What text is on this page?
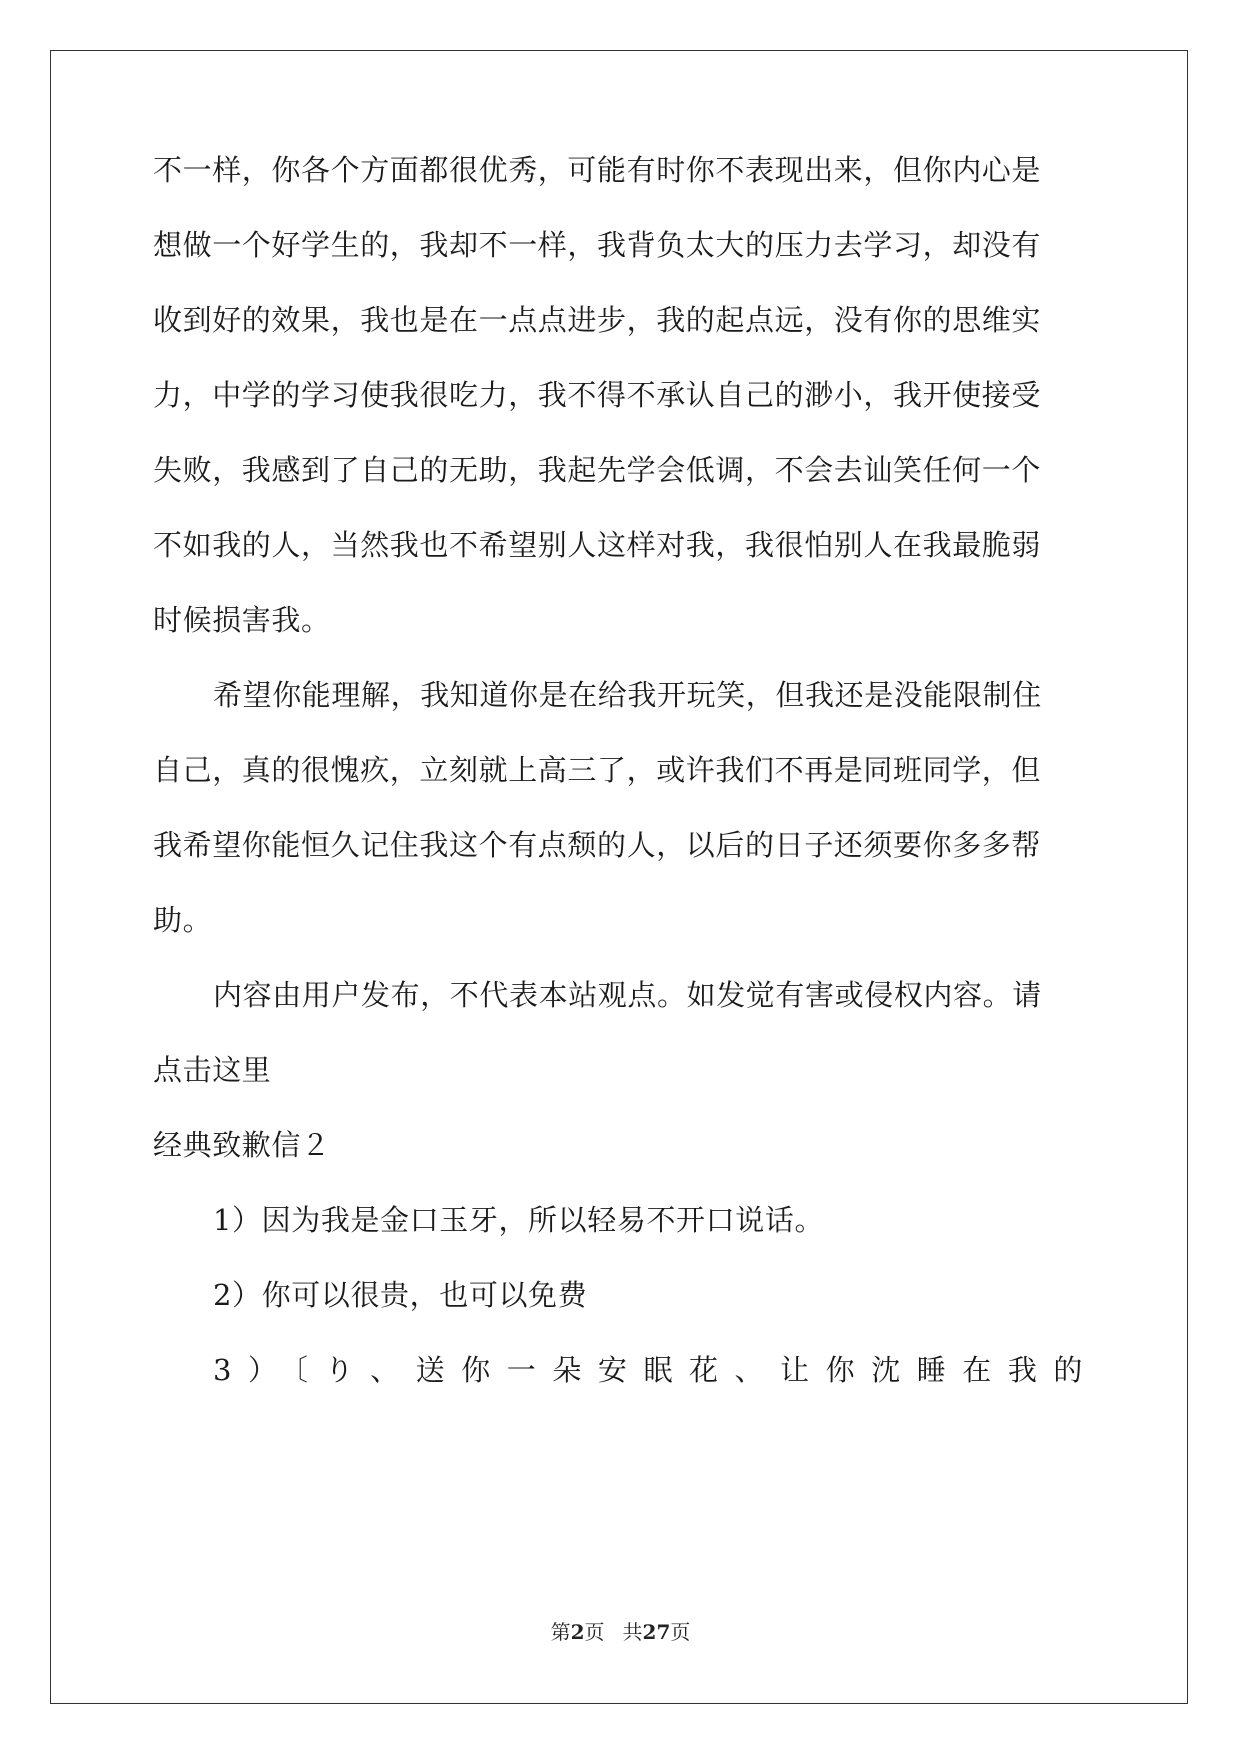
不一样，你各个方面都很优秀，可能有时你不表现出来，但你内心是
想做一个好学生的，我却不一样，我背负太大的压力去学习，却没有
收到好的效果，我也是在一点点进步，我的起点远，没有你的思维实
力，中学的学习使我很吃力，我不得不承认自己的渺小，我开使接受
失败，我感到了自己的无助，我起先学会低调，不会去讪笑任何一个
不如我的人，当然我也不希望别人这样对我，我很怕别人在我最脆弱
时候损害我。
希望你能理解，我知道你是在给我开玩笑，但我还是没能限制住
自己，真的很愧疚，立刻就上高三了，或许我们不再是同班同学，但
我希望你能恒久记住我这个有点颓的人，以后的日子还须要你多多帮
助。
内容由用户发布，不代表本站观点。如发觉有害或侵权内容。请
点击这里
经典致歉信２
1）因为我是金口玉牙，所以轻易不开口说话。
2）你可以很贵，也可以免费
3）〔り、送你一朵安眠花、让你沈睡在我的
第2页 共27页
